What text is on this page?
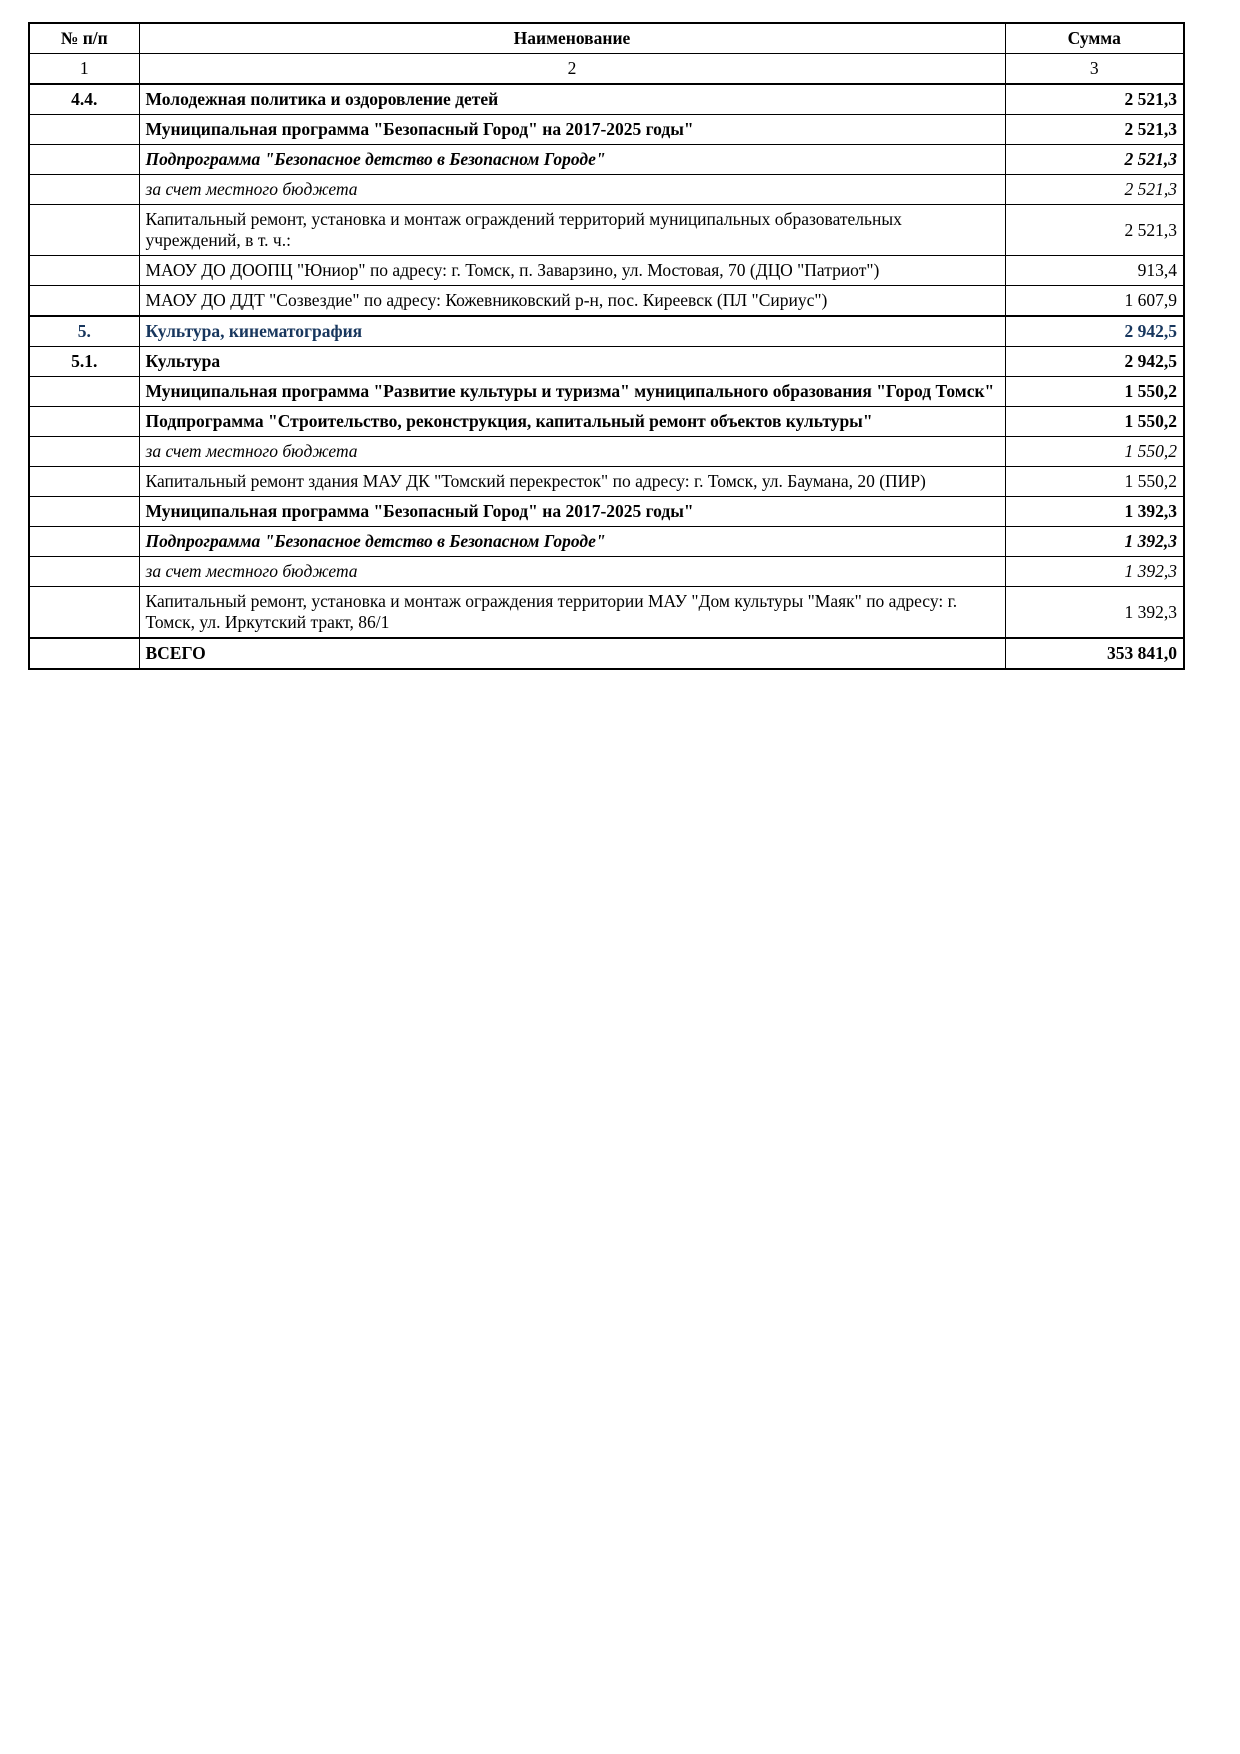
№ п/п	Наименование	Сумма
1	2	3
4.4.	Молодежная политика и оздоровление детей	2 521,3
	Муниципальная программа "Безопасный Город" на 2017-2025 годы"	2 521,3
	Подпрограмма "Безопасное детство в Безопасном Городе"	2 521,3
	за счет местного бюджета	2 521,3
	Капитальный ремонт, установка и монтаж ограждений территорий муниципальных образовательных учреждений, в т. ч.:	2 521,3
	МАОУ ДО ДООПЦ "Юниор" по адресу: г. Томск, п. Заварзино, ул. Мостовая, 70 (ДЦО "Патриот")	913,4
	МАОУ ДО ДДТ "Созвездие" по адресу: Кожевниковский р-н, пос. Киреевск (ПЛ "Сириус")	1 607,9
5.	Культура, кинематография	2 942,5
5.1.	Культура	2 942,5
	Муниципальная программа "Развитие культуры и туризма" муниципального образования "Город Томск"	1 550,2
	Подпрограмма "Строительство, реконструкция, капитальный ремонт объектов культуры"	1 550,2
	за счет местного бюджета	1 550,2
	Капитальный ремонт здания МАУ ДК "Томский перекресток" по адресу: г. Томск, ул. Баумана, 20 (ПИР)	1 550,2
	Муниципальная программа "Безопасный Город" на 2017-2025 годы"	1 392,3
	Подпрограмма "Безопасное детство в Безопасном Городе"	1 392,3
	за счет местного бюджета	1 392,3
	Капитальный ремонт, установка и монтаж ограждения территории МАУ "Дом культуры "Маяк" по адресу: г. Томск, ул. Иркутский тракт, 86/1	1 392,3
	ВСЕГО	353 841,0
